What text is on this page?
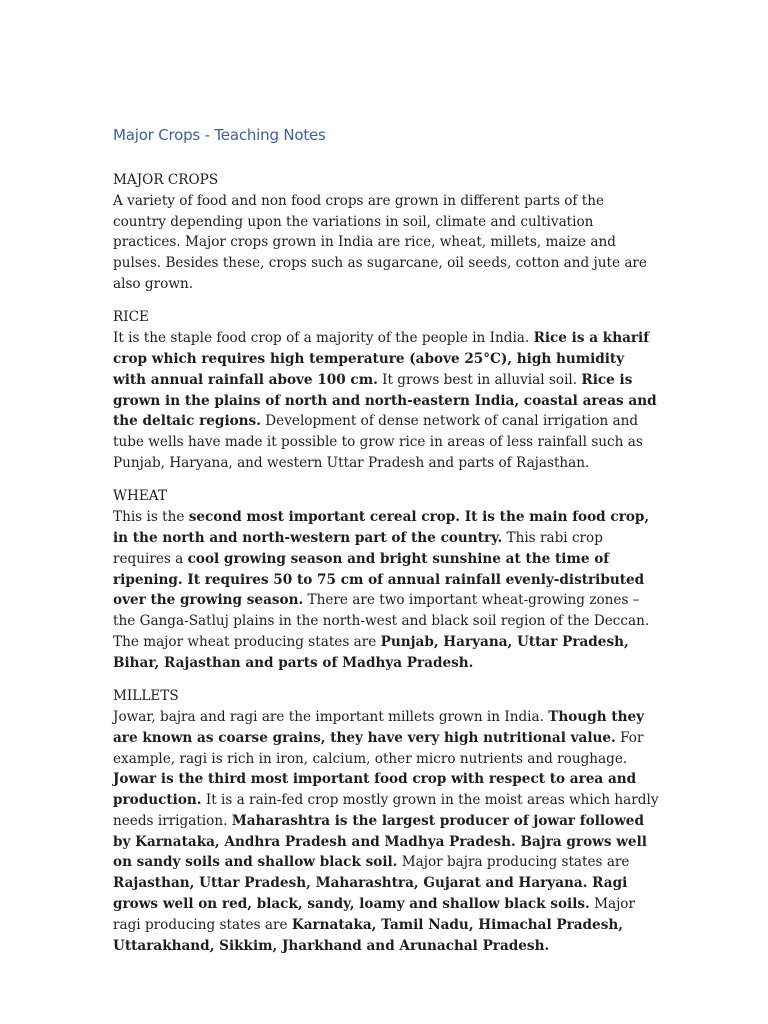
Major Crops - Teaching Notes
MAJOR CROPS

A variety of food and non food crops are grown in different parts of the country depending upon the variations in soil, climate and cultivation practices. Major crops grown in India are rice, wheat, millets, maize and pulses. Besides these, crops such as sugarcane, oil seeds, cotton and jute are also grown.

RICE

It is the staple food crop of a majority of the people in India. Rice is a kharif crop which requires high temperature (above 25°C), high humidity with annual rainfall above 100 cm. It grows best in alluvial soil. Rice is grown in the plains of north and north-eastern India, coastal areas and the deltaic regions. Development of dense network of canal irrigation and tube wells have made it possible to grow rice in areas of less rainfall such as Punjab, Haryana, and western Uttar Pradesh and parts of Rajasthan.

WHEAT

This is the second most important cereal crop. It is the main food crop, in the north and north-western part of the country. This rabi crop requires a cool growing season and bright sunshine at the time of ripening. It requires 50 to 75 cm of annual rainfall evenly-distributed over the growing season. There are two important wheat-growing zones – the Ganga-Satluj plains in the north-west and black soil region of the Deccan. The major wheat producing states are Punjab, Haryana, Uttar Pradesh, Bihar, Rajasthan and parts of Madhya Pradesh.

MILLETS

Jowar, bajra and ragi are the important millets grown in India. Though they are known as coarse grains, they have very high nutritional value. For example, ragi is rich in iron, calcium, other micro nutrients and roughage. Jowar is the third most important food crop with respect to area and production. It is a rain-fed crop mostly grown in the moist areas which hardly needs irrigation. Maharashtra is the largest producer of jowar followed by Karnataka, Andhra Pradesh and Madhya Pradesh. Bajra grows well on sandy soils and shallow black soil. Major bajra producing states are Rajasthan, Uttar Pradesh, Maharashtra, Gujarat and Haryana. Ragi grows well on red, black, sandy, loamy and shallow black soils. Major ragi producing states are Karnataka, Tamil Nadu, Himachal Pradesh, Uttarakhand, Sikkim, Jharkhand and Arunachal Pradesh.
